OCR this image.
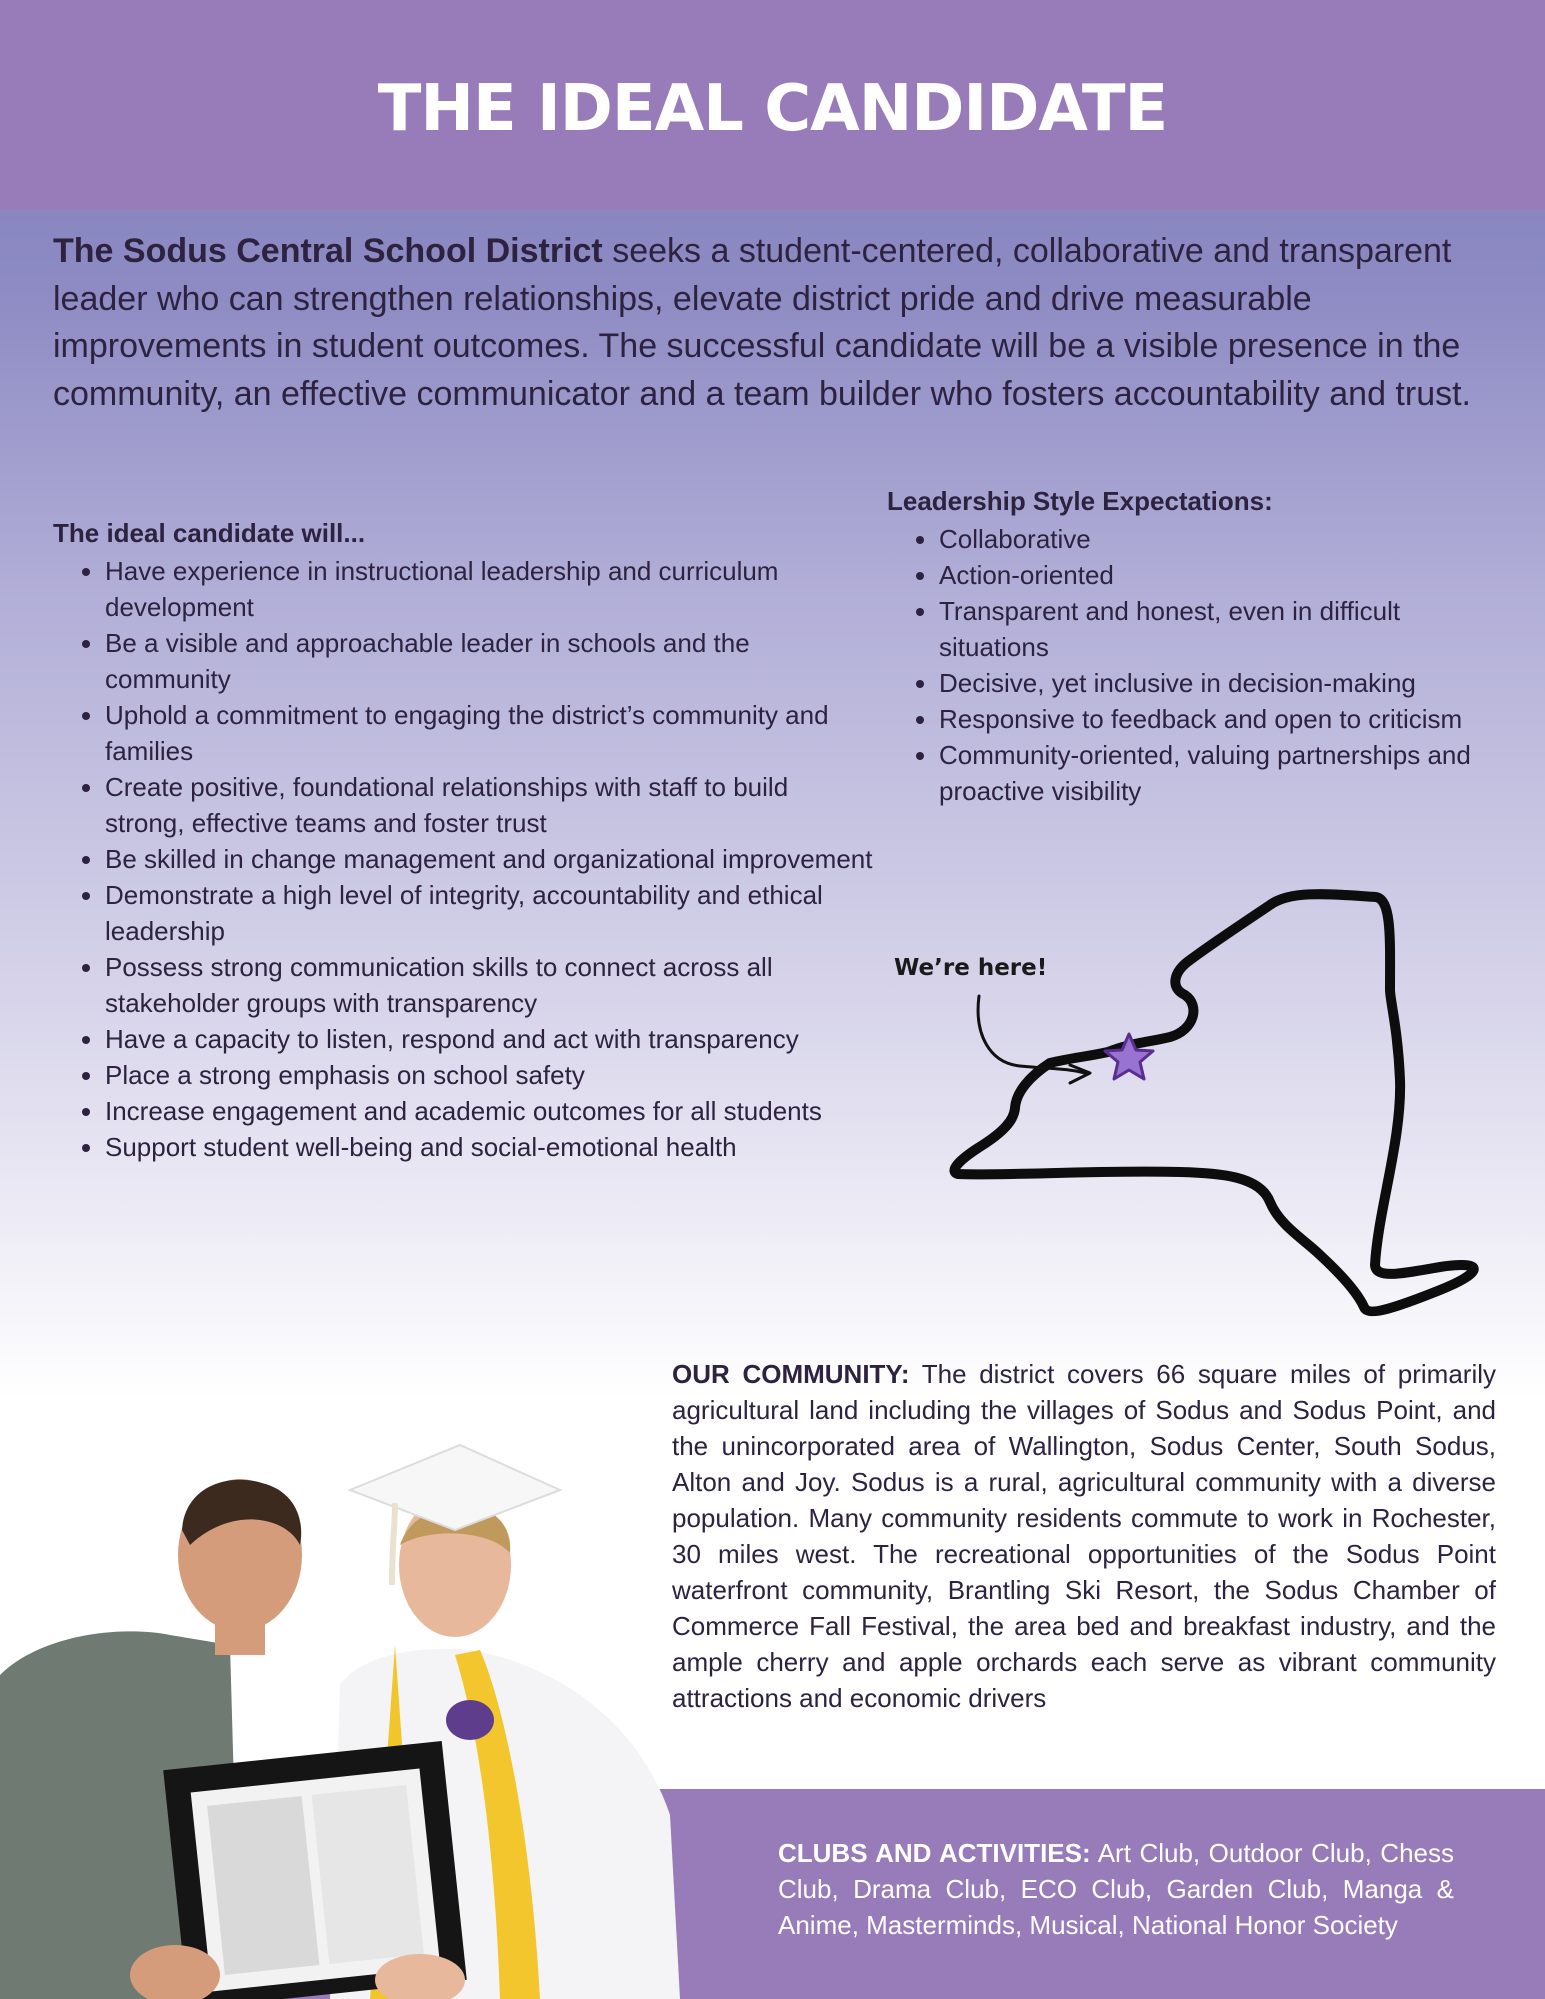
THE IDEAL CANDIDATE

The Sodus Central School District seeks a student-centered, collaborative and transparent leader who can strengthen relationships, elevate district pride and drive measurable improvements in student outcomes. The successful candidate will be a visible presence in the community, an effective communicator and a team builder who fosters accountability and trust.

The ideal candidate will...

• Have experience in instructional leadership and curriculum development
• Be a visible and approachable leader in schools and the community
• Uphold a commitment to engaging the district’s community and families
• Create positive, foundational relationships with staff to build strong, effective teams and foster trust
• Be skilled in change management and organizational improvement
• Demonstrate a high level of integrity, accountability and ethical leadership
• Possess strong communication skills to connect across all stakeholder groups with transparency
• Have a capacity to listen, respond and act with transparency
• Place a strong emphasis on school safety
• Increase engagement and academic outcomes for all students
• Support student well-being and social-emotional health

Leadership Style Expectations:

• Collaborative
• Action-oriented
• Transparent and honest, even in difficult situations
• Decisive, yet inclusive in decision-making
• Responsive to feedback and open to criticism
• Community-oriented, valuing partnerships and proactive visibility
We’re here!

OUR COMMUNITY: The district covers 66 square miles of primarily agricultural land including the villages of Sodus and Sodus Point, and the unincorporated area of Wallington, Sodus Center, South Sodus, Alton and Joy. Sodus is a rural, agricultural community with a diverse population. Many community residents commute to work in Rochester, 30 miles west. The recreational opportunities of the Sodus Point waterfront community, Brantling Ski Resort, the Sodus Chamber of Commerce Fall Festival, the area bed and breakfast industry, and the ample cherry and apple orchards each serve as vibrant community attractions and economic drivers

CLUBS AND ACTIVITIES: Art Club, Outdoor Club, Chess Club, Drama Club, ECO Club, Garden Club, Manga & Anime, Masterminds, Musical, National Honor Society
